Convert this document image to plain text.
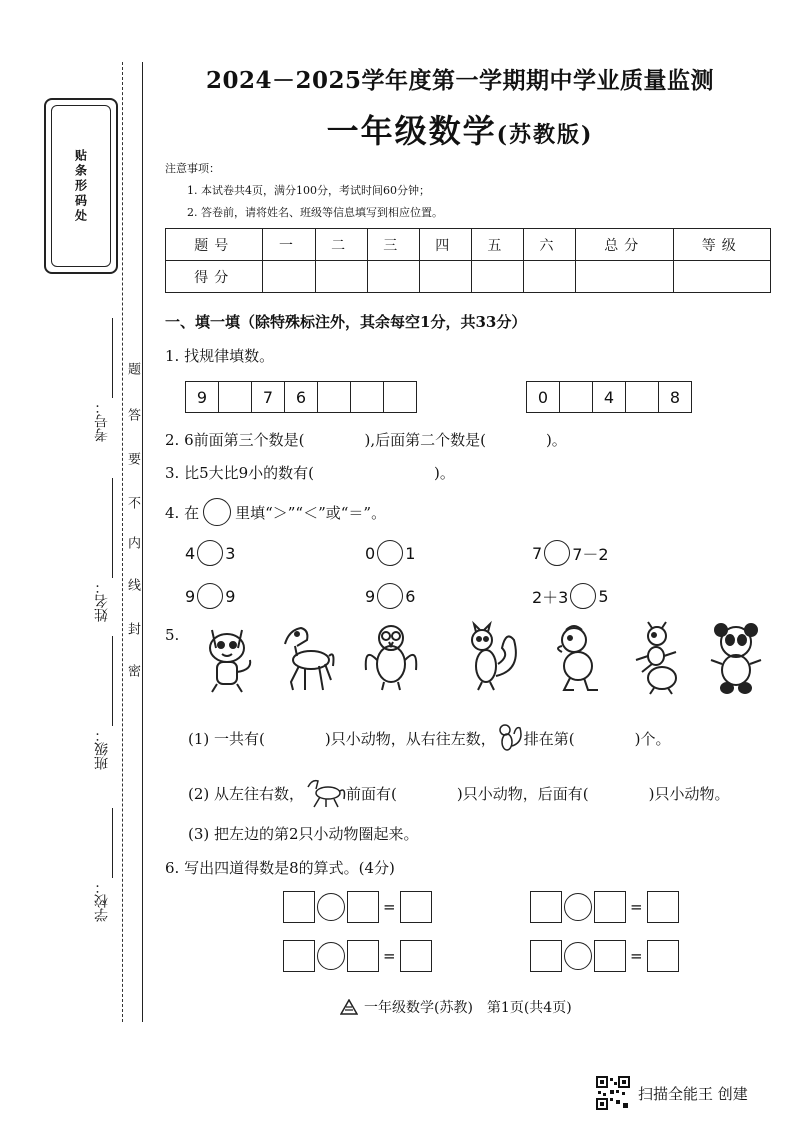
贴条形码处
题
答
要
不
内
线
封
密
考号：
姓名：
班级：
学校：
2024－2025学年度第一学期期中学业质量监测
一年级数学(苏教版)
注意事项：
1. 本试卷共4页，满分100分，考试时间60分钟；
2. 答卷前，请将姓名、班级等信息填写到相应位置。
题号	一	二	三	四	五	六	总分	等级
得分								
一、填一填（除特殊标注外，其余每空1分，共33分）
1. 找规律填数。
9	7	6	0	4	8
2. 6前面第三个数是(　　　　),后面第二个数是(　　　　)。
3. 比5大比9小的数有(　　　　　　　　)。
4. 在 里填“＞”“＜”或“＝”。
4 3	0 1	7 7－2
9 9	9 6	2＋3 5
5.
(1) 一共有(　　　　)只小动物，从右往左数， 排在第(　　　　)个。
(2) 从左往右数，	前面有(　　　　)只小动物，后面有(　　　　)只小动物。
(3) 把左边的第2只小动物圈起来。
6. 写出四道得数是8的算式。(4分)
=	=
=	=
一年级数学(苏教)　第1页(共4页)
扫描全能王 创建
